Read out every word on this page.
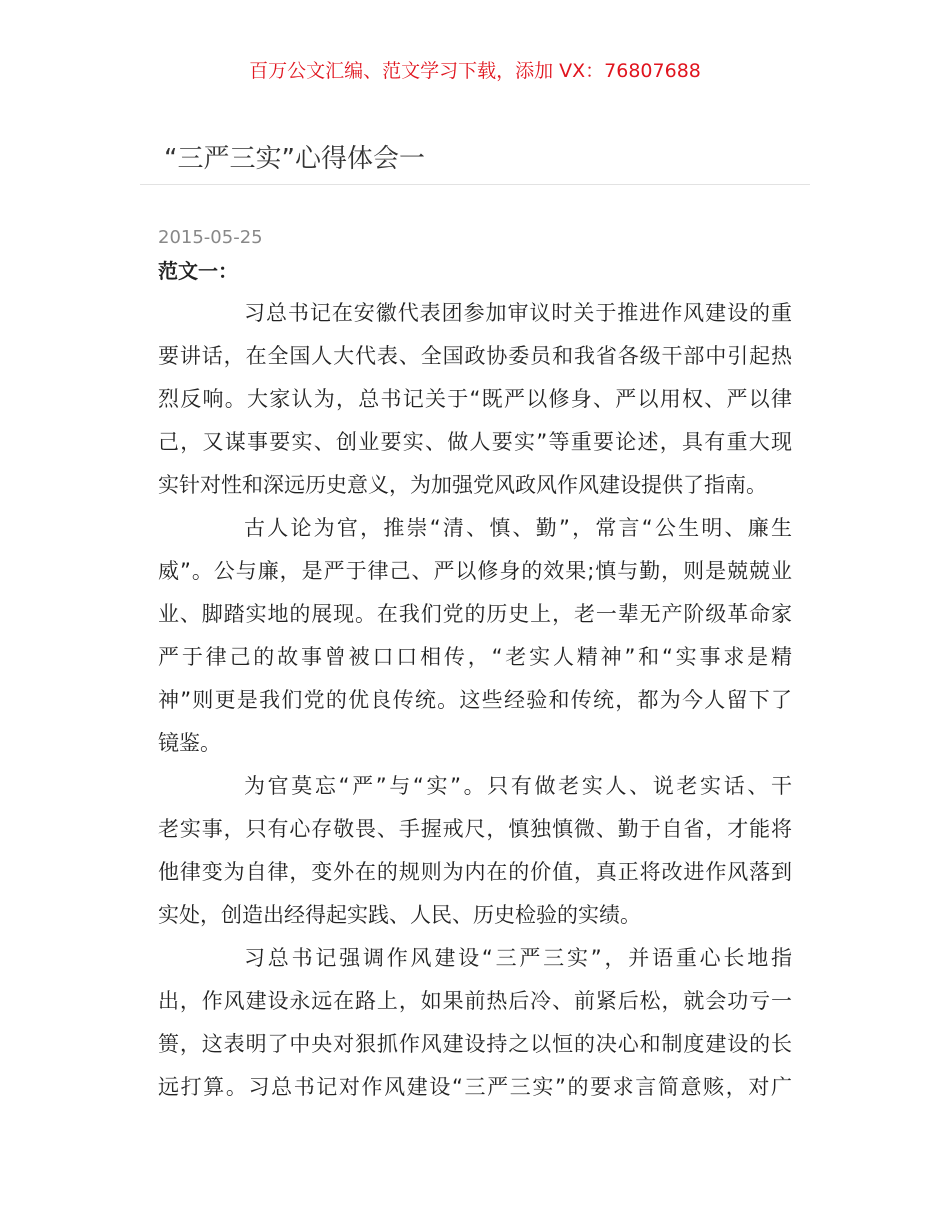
百万公文汇编、范文学习下载，添加 VX：76807688
“三严三实”心得体会一
2015-05-25
范文一：
习总书记在安徽代表团参加审议时关于推进作风建设的重
要讲话，在全国人大代表、全国政协委员和我省各级干部中引起热
烈反响。大家认为，总书记关于“既严以修身、严以用权、严以律
己，又谋事要实、创业要实、做人要实”等重要论述，具有重大现
实针对性和深远历史意义，为加强党风政风作风建设提供了指南。
古人论为官，推崇“清、慎、勤”，常言“公生明、廉生
威”。公与廉，是严于律己、严以修身的效果;慎与勤，则是兢兢业
业、脚踏实地的展现。在我们党的历史上，老一辈无产阶级革命家
严于律己的故事曾被口口相传，“老实人精神”和“实事求是精
神”则更是我们党的优良传统。这些经验和传统，都为今人留下了
镜鉴。
为官莫忘“严”与“实”。只有做老实人、说老实话、干
老实事，只有心存敬畏、手握戒尺，慎独慎微、勤于自省，才能将
他律变为自律，变外在的规则为内在的价值，真正将改进作风落到
实处，创造出经得起实践、人民、历史检验的实绩。
习总书记强调作风建设“三严三实”，并语重心长地指
出，作风建设永远在路上，如果前热后冷、前紧后松，就会功亏一
篑，这表明了中央对狠抓作风建设持之以恒的决心和制度建设的长
远打算。习总书记对作风建设“三严三实”的要求言简意赅，对广
